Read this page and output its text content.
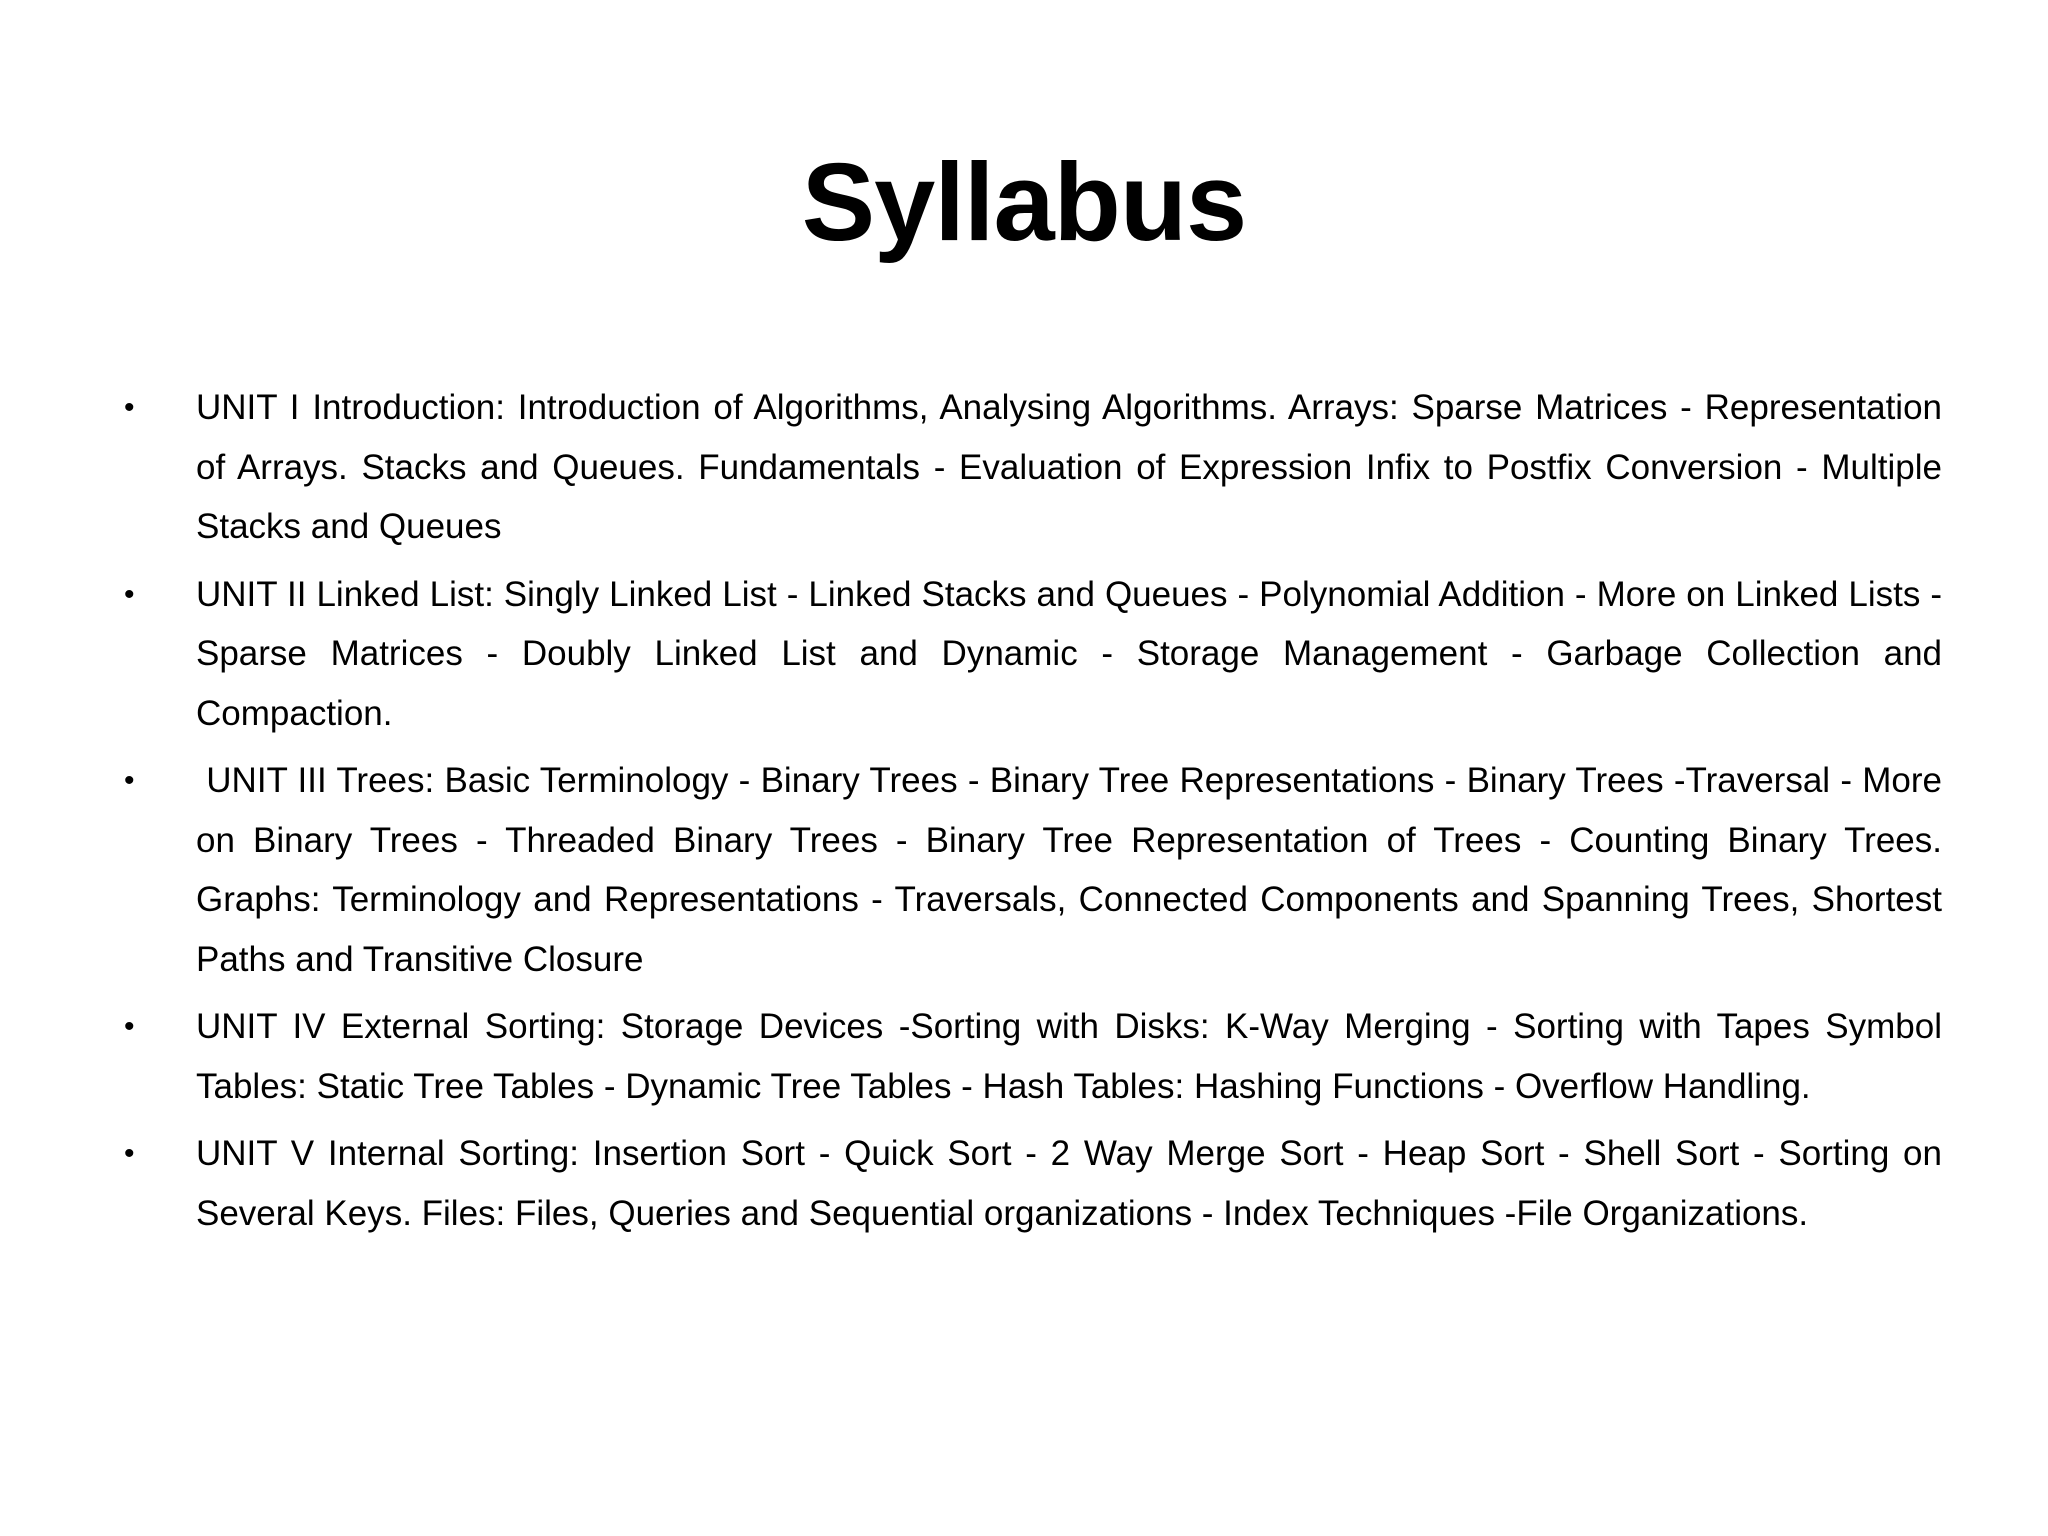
Syllabus
• UNIT I Introduction: Introduction of Algorithms, Analysing Algorithms. Arrays: Sparse Matrices - Representation of Arrays. Stacks and Queues. Fundamentals - Evaluation of Expression Infix to Postfix Conversion - Multiple Stacks and Queues
• UNIT II Linked List: Singly Linked List - Linked Stacks and Queues - Polynomial Addition - More on Linked Lists - Sparse Matrices - Doubly Linked List and Dynamic - Storage Management - Garbage Collection and Compaction.
• UNIT III Trees: Basic Terminology - Binary Trees - Binary Tree Representations - Binary Trees -Traversal - More on Binary Trees - Threaded Binary Trees - Binary Tree Representation of Trees - Counting Binary Trees. Graphs: Terminology and Representations - Traversals, Connected Components and Spanning Trees, Shortest Paths and Transitive Closure
• UNIT IV External Sorting: Storage Devices -Sorting with Disks: K-Way Merging - Sorting with Tapes Symbol Tables: Static Tree Tables - Dynamic Tree Tables - Hash Tables: Hashing Functions - Overflow Handling.
• UNIT V Internal Sorting: Insertion Sort - Quick Sort - 2 Way Merge Sort - Heap Sort - Shell Sort - Sorting on Several Keys. Files: Files, Queries and Sequential organizations - Index Techniques -File Organizations.
